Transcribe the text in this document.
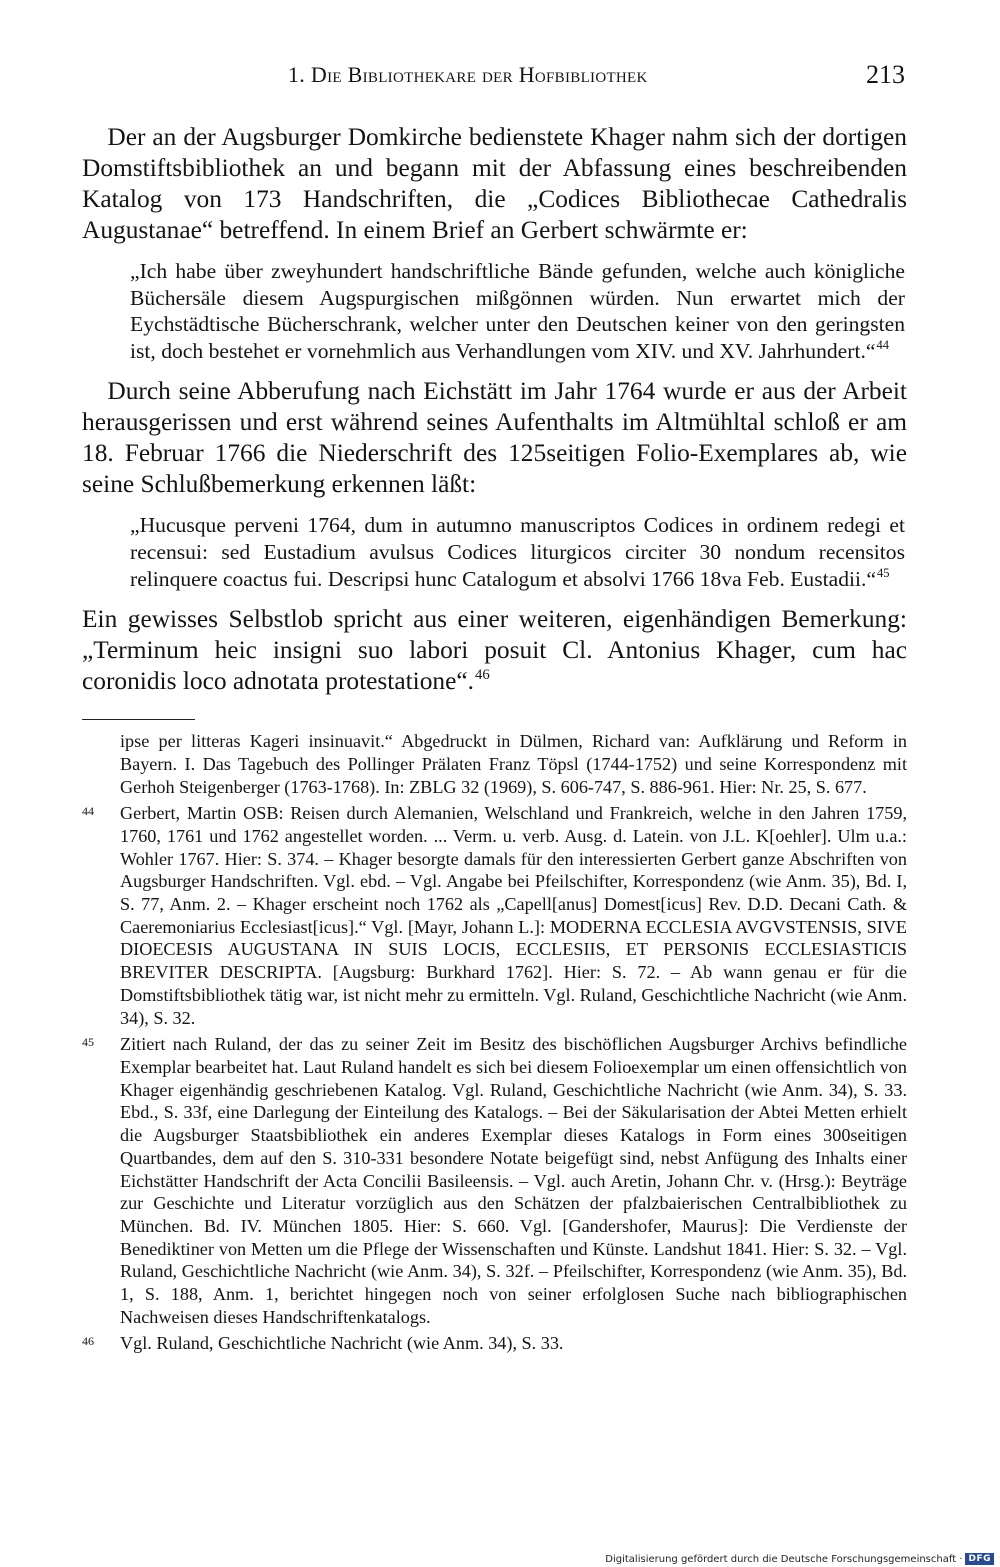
1. Die Bibliothekare der Hofbibliothek	213

Der an der Augsburger Domkirche bedienstete Khager nahm sich der dortigen Domstiftsbibliothek an und begann mit der Abfassung eines beschreibenden Katalog von 173 Handschriften, die „Codices Bibliothecae Cathedralis Augustanae“ betreffend. In einem Brief an Gerbert schwärmte er:

„Ich habe über zweyhundert handschriftliche Bände gefunden, welche auch königliche Büchersäle diesem Augspurgischen mißgönnen würden. Nun erwartet mich der Eychstädtische Bücherschrank, welcher unter den Deutschen keiner von den geringsten ist, doch bestehet er vornehmlich aus Verhandlungen vom XIV. und XV. Jahrhundert.“$^{44}$

Durch seine Abberufung nach Eichstätt im Jahr 1764 wurde er aus der Arbeit herausgerissen und erst während seines Aufenthalts im Altmühltal schloß er am 18. Februar 1766 die Niederschrift des 125seitigen Folio-Exemplares ab, wie seine Schlußbemerkung erkennen läßt:

„Hucusque perveni 1764, dum in autumno manuscriptos Codices in ordinem redegi et recensui: sed Eustadium avulsus Codices liturgicos circiter 30 nondum recensitos relinquere coactus fui. Descripsi hunc Catalogum et absolvi 1766 18va Feb. Eustadii.“$^{45}$

Ein gewisses Selbstlob spricht aus einer weiteren, eigenhändigen Bemerkung: „Terminum heic insigni suo labori posuit Cl. Antonius Khager, cum hac coronidis loco adnotata protestatione“.$^{46}$

ipse per litteras Kageri insinuavit.“ Abgedruckt in Dülmen, Richard van: Aufklärung und Reform in Bayern. I. Das Tagebuch des Pollinger Prälaten Franz Töpsl (1744-1752) und seine Korrespondenz mit Gerhoh Steigenberger (1763-1768). In: ZBLG 32 (1969), S. 606-747, S. 886-961. Hier: Nr. 25, S. 677.

44 Gerbert, Martin OSB: Reisen durch Alemanien, Welschland und Frankreich, welche in den Jahren 1759, 1760, 1761 und 1762 angestellet worden. ... Verm. u. verb. Ausg. d. Latein. von J.L. K[oehler]. Ulm u.a.: Wohler 1767. Hier: S. 374. – Khager besorgte damals für den interessierten Gerbert ganze Abschriften von Augsburger Handschriften. Vgl. ebd. – Vgl. Angabe bei Pfeilschifter, Korrespondenz (wie Anm. 35), Bd. I, S. 77, Anm. 2. – Khager erscheint noch 1762 als „Capell[anus] Domest[icus] Rev. D.D. Decani Cath. & Caeremoniarius Ecclesiast[icus].“ Vgl. [Mayr, Johann L.]: MODERNA ECCLESIA AVGVSTENSIS, SIVE DIOECESIS AUGUSTANA IN SUIS LOCIS, ECCLESIIS, ET PERSONIS ECCLESIASTICIS BREVITER DESCRIPTA. [Augsburg: Burkhard 1762]. Hier: S. 72. – Ab wann genau er für die Domstiftsbibliothek tätig war, ist nicht mehr zu ermitteln. Vgl. Ruland, Geschichtliche Nachricht (wie Anm. 34), S. 32.

45 Zitiert nach Ruland, der das zu seiner Zeit im Besitz des bischöflichen Augsburger Archivs befindliche Exemplar bearbeitet hat. Laut Ruland handelt es sich bei diesem Folioexemplar um einen offensichtlich von Khager eigenhändig geschriebenen Katalog. Vgl. Ruland, Geschichtliche Nachricht (wie Anm. 34), S. 33. Ebd., S. 33f, eine Darlegung der Einteilung des Katalogs. – Bei der Säkularisation der Abtei Metten erhielt die Augsburger Staatsbibliothek ein anderes Exemplar dieses Katalogs in Form eines 300seitigen Quartbandes, dem auf den S. 310-331 besondere Notate beigefügt sind, nebst Anfügung des Inhalts einer Eichstätter Handschrift der Acta Concilii Basileensis. – Vgl. auch Aretin, Johann Chr. v. (Hrsg.): Beyträge zur Geschichte und Literatur vorzüglich aus den Schätzen der pfalzbaierischen Centralbibliothek zu München. Bd. IV. München 1805. Hier: S. 660. Vgl. [Gandershofer, Maurus]: Die Verdienste der Benediktiner von Metten um die Pflege der Wissenschaften und Künste. Landshut 1841. Hier: S. 32. – Vgl. Ruland, Geschichtliche Nachricht (wie Anm. 34), S. 32f. – Pfeilschifter, Korrespondenz (wie Anm. 35), Bd. 1, S. 188, Anm. 1, berichtet hingegen noch von seiner erfolglosen Suche nach bibliographischen Nachweisen dieses Handschriftenkatalogs.

46 Vgl. Ruland, Geschichtliche Nachricht (wie Anm. 34), S. 33.

Digitalisierung gefördert durch die Deutsche Forschungsgemeinschaft · DFG
